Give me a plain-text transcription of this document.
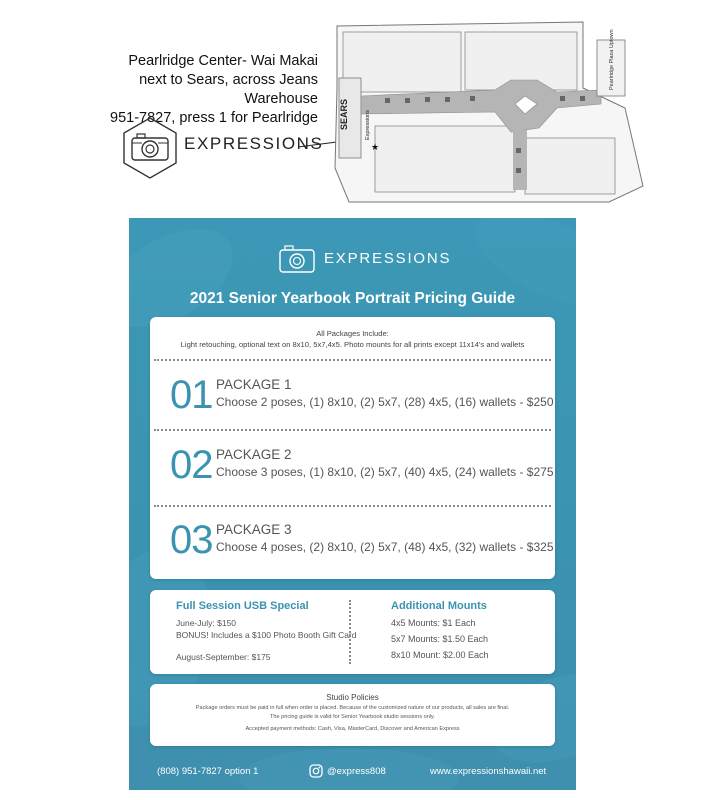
Pearlridge Center- Wai Makai
next to Sears, across Jeans Warehouse
951-7827, press 1 for Pearlridge
EXPRESSIONS
Pearlridge Plaza Uptown
SEARS	Expressions
★
EXPRESSIONS
2021 Senior Yearbook Portrait Pricing Guide
All Packages Include:
Light retouching, optional text on 8x10, 5x7,4x5. Photo mounts for all prints except 11x14's and wallets
01 PACKAGE 1
Choose 2 poses, (1) 8x10, (2) 5x7, (28) 4x5, (16) wallets - $250
02 PACKAGE 2
Choose 3 poses, (1) 8x10, (2) 5x7, (40) 4x5, (24) wallets - $275
03 PACKAGE 3
Choose 4 poses, (2) 8x10, (2) 5x7, (48) 4x5, (32) wallets - $325
Full Session USB Special
June-July: $150
BONUS! Includes a $100 Photo Booth Gift Card
August-September: $175
Additional Mounts
4x5 Mounts: $1 Each
5x7 Mounts: $1.50 Each
8x10 Mount: $2.00 Each
Studio Policies
Package orders must be paid in full when order is placed. Because of the customized nature of our products, all sales are final.
The pricing guide is valid for Senior Yearbook studio sessions only.
Accepted payment methods: Cash, Visa, MasterCard, Discover and American Express
(808) 951-7827 option 1	@express808	www.expressionshawaii.net
